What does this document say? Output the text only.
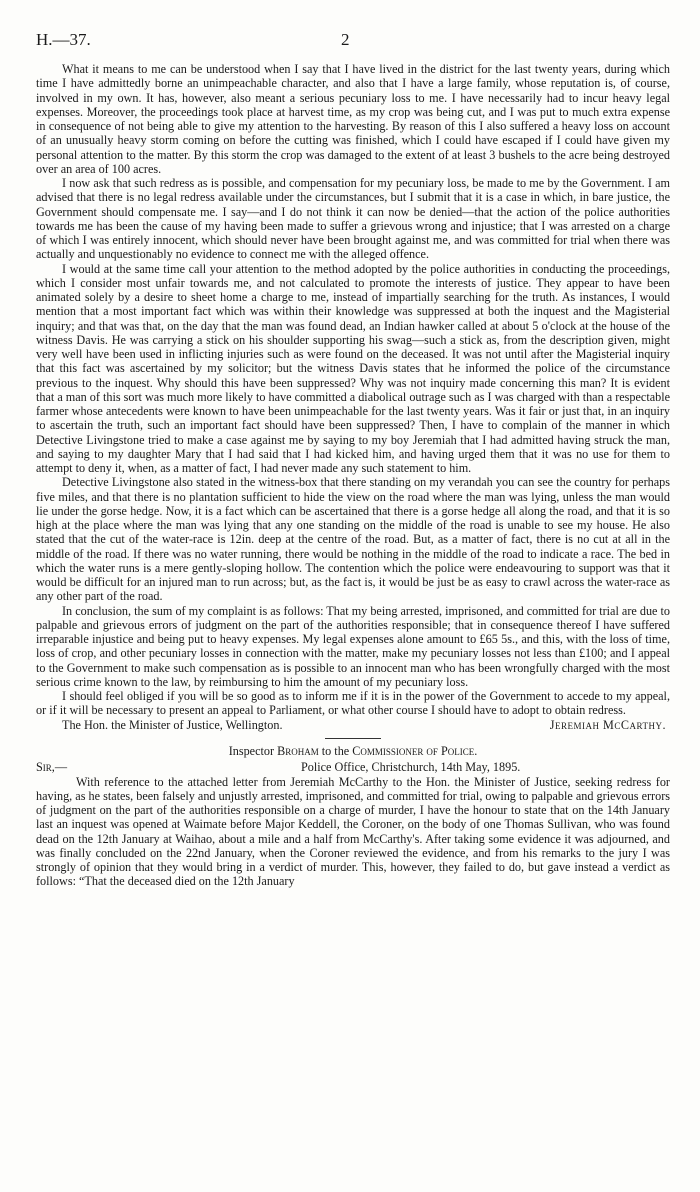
H.—37.	2

What it means to me can be understood when I say that I have lived in the district for the last twenty years, during which time I have admittedly borne an unimpeachable character, and also that I have a large family, whose reputation is, of course, involved in my own. It has, however, also meant a serious pecuniary loss to me. I have necessarily had to incur heavy legal expenses. Moreover, the proceedings took place at harvest time, as my crop was being cut, and I was put to much extra expense in consequence of not being able to give my attention to the harvesting. By reason of this I also suffered a heavy loss on account of an unusually heavy storm coming on before the cutting was finished, which I could have escaped if I could have given my personal attention to the matter. By this storm the crop was damaged to the extent of at least 3 bushels to the acre being destroyed over an area of 100 acres.

I now ask that such redress as is possible, and compensation for my pecuniary loss, be made to me by the Government. I am advised that there is no legal redress available under the circumstances, but I submit that it is a case in which, in bare justice, the Government should compensate me. I say—and I do not think it can now be denied—that the action of the police authorities towards me has been the cause of my having been made to suffer a grievous wrong and injustice; that I was arrested on a charge of which I was entirely innocent, which should never have been brought against me, and was committed for trial when there was actually and unquestionably no evidence to connect me with the alleged offence.

I would at the same time call your attention to the method adopted by the police authorities in conducting the proceedings, which I consider most unfair towards me, and not calculated to promote the interests of justice. They appear to have been animated solely by a desire to sheet home a charge to me, instead of impartially searching for the truth. As instances, I would mention that a most important fact which was within their knowledge was suppressed at both the inquest and the Magisterial inquiry; and that was that, on the day that the man was found dead, an Indian hawker called at about 5 o'clock at the house of the witness Davis. He was carrying a stick on his shoulder supporting his swag—such a stick as, from the description given, might very well have been used in inflicting injuries such as were found on the deceased. It was not until after the Magisterial inquiry that this fact was ascertained by my solicitor; but the witness Davis states that he informed the police of the circumstance previous to the inquest. Why should this have been suppressed? Why was not inquiry made concerning this man? It is evident that a man of this sort was much more likely to have committed a diabolical outrage such as I was charged with than a respectable farmer whose antecedents were known to have been unimpeachable for the last twenty years. Was it fair or just that, in an inquiry to ascertain the truth, such an important fact should have been suppressed? Then, I have to complain of the manner in which Detective Livingstone tried to make a case against me by saying to my boy Jeremiah that I had admitted having struck the man, and saying to my daughter Mary that I had said that I had kicked him, and having urged them that it was no use for them to attempt to deny it, when, as a matter of fact, I had never made any such statement to him.

Detective Livingstone also stated in the witness-box that there standing on my verandah you can see the country for perhaps five miles, and that there is no plantation sufficient to hide the view on the road where the man was lying, unless the man would lie under the gorse hedge. Now, it is a fact which can be ascertained that there is a gorse hedge all along the road, and that it is so high at the place where the man was lying that any one standing on the middle of the road is unable to see my house. He also stated that the cut of the water-race is 12in. deep at the centre of the road. But, as a matter of fact, there is no cut at all in the middle of the road. If there was no water running, there would be nothing in the middle of the road to indicate a race. The bed in which the water runs is a mere gently-sloping hollow. The contention which the police were endeavouring to support was that it would be difficult for an injured man to run across; but, as the fact is, it would be just be as easy to crawl across the water-race as any other part of the road.

In conclusion, the sum of my complaint is as follows: That my being arrested, imprisoned, and committed for trial are due to palpable and grievous errors of judgment on the part of the authorities responsible; that in consequence thereof I have suffered irreparable injustice and being put to heavy expenses. My legal expenses alone amount to £65 5s., and this, with the loss of time, loss of crop, and other pecuniary losses in connection with the matter, make my pecuniary losses not less than £100; and I appeal to the Government to make such compensation as is possible to an innocent man who has been wrongfully charged with the most serious crime known to the law, by reimbursing to him the amount of my pecuniary loss.

I should feel obliged if you will be so good as to inform me if it is in the power of the Government to accede to my appeal, or if it will be necessary to present an appeal to Parliament, or what other course I should have to adopt to obtain redress.

The Hon. the Minister of Justice, Wellington.	Jeremiah McCarthy.
Inspector Broham to the Commissioner of Police.
Sir,—	Police Office, Christchurch, 14th May, 1895.

With reference to the attached letter from Jeremiah McCarthy to the Hon. the Minister of Justice, seeking redress for having, as he states, been falsely and unjustly arrested, imprisoned, and committed for trial, owing to palpable and grievous errors of judgment on the part of the authorities responsible on a charge of murder, I have the honour to state that on the 14th January last an inquest was opened at Waimate before Major Keddell, the Coroner, on the body of one Thomas Sullivan, who was found dead on the 12th January at Waihao, about a mile and a half from McCarthy's. After taking some evidence it was adjourned, and was finally concluded on the 22nd January, when the Coroner reviewed the evidence, and from his remarks to the jury I was strongly of opinion that they would bring in a verdict of murder. This, however, they failed to do, but gave instead a verdict as follows: “That the deceased died on the 12th January
